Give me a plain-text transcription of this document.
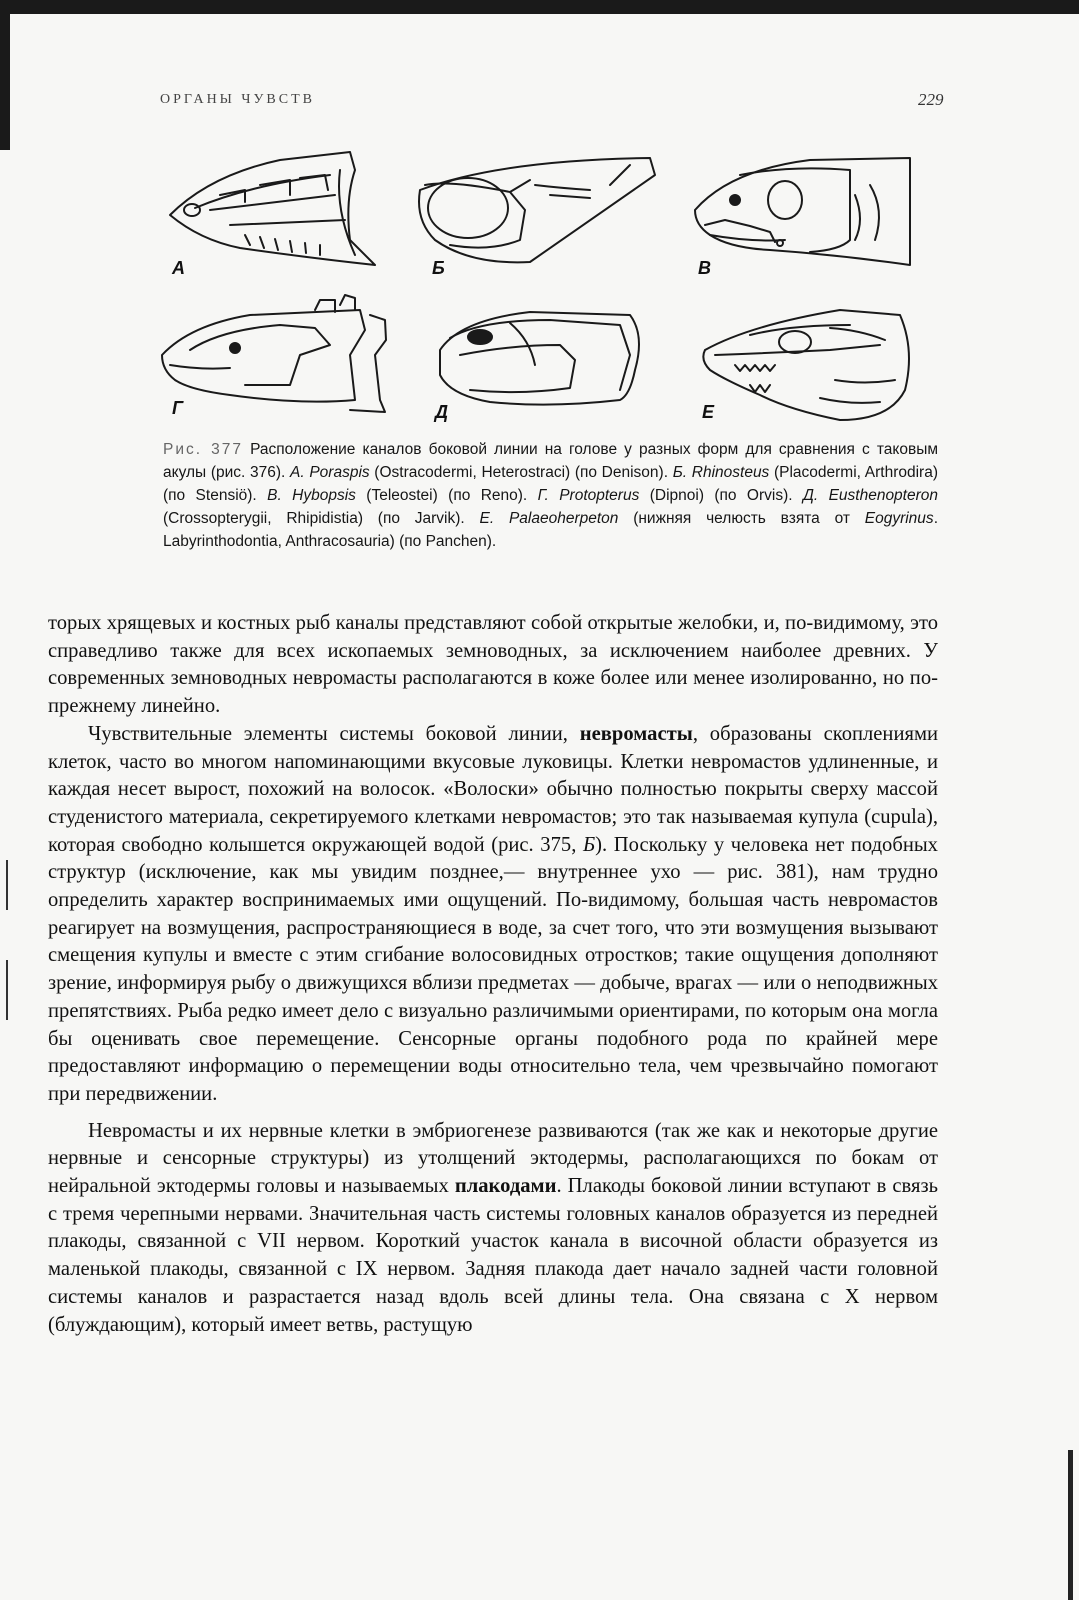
ОРГАНЫ ЧУВСТВ	229
А	Б	В
Г	Д	Е
Рис. 377 Расположение каналов боковой линии на голове у разных форм для сравнения с таковым акулы (рис. 376). А. Poraspis (Ostracodermi, Heterostraci) (по Denison). Б. Rhinosteus (Placodermi, Arthrodira) (по Stensiö). В. Hybopsis (Teleostei) (по Reno). Г. Protopterus (Dipnoi) (по Orvis). Д. Eusthenopteron (Crossopterygii, Rhipidistia) (по Jarvik). Е. Palaeoherpeton (нижняя челюсть взята от Eogyrinus. Labyrinthodontia, Anthracosauria) (по Panchen).

торых хрящевых и костных рыб каналы представляют собой открытые желобки, и, по-видимому, это справедливо также для всех ископаемых земноводных, за исключением наиболее древних. У современных земноводных невромасты располагаются в коже более или менее изолированно, но по-прежнему линейно.

Чувствительные элементы системы боковой линии, невромасты, образованы скоплениями клеток, часто во многом напоминающими вкусовые луковицы. Клетки невромастов удлиненные, и каждая несет вырост, похожий на волосок. «Волоски» обычно полностью покрыты сверху массой студенистого материала, секретируемого клетками невромастов; это так называемая купула (cupula), которая свободно колышется окружающей водой (рис. 375, Б). Поскольку у человека нет подобных структур (исключение, как мы увидим позднее,— внутреннее ухо — рис. 381), нам трудно определить характер воспринимаемых ими ощущений. По-видимому, большая часть невромастов реагирует на возмущения, распространяющиеся в воде, за счет того, что эти возмущения вызывают смещения купулы и вместе с этим сгибание волосовидных отростков; такие ощущения дополняют зрение, информируя рыбу о движущихся вблизи предметах — добыче, врагах — или о неподвижных препятствиях. Рыба редко имеет дело с визуально различимыми ориентирами, по которым она могла бы оценивать свое перемещение. Сенсорные органы подобного рода по крайней мере предоставляют информацию о перемещении воды относительно тела, чем чрезвычайно помогают при передвижении.

Невромасты и их нервные клетки в эмбриогенезе развиваются (так же как и некоторые другие нервные и сенсорные структуры) из утолщений эктодермы, располагающихся по бокам от нейральной эктодермы головы и называемых плакодами. Плакоды боковой линии вступают в связь с тремя черепными нервами. Значительная часть системы головных каналов образуется из передней плакоды, связанной с VII нервом. Короткий участок канала в височной области образуется из маленькой плакоды, связанной с IX нервом. Задняя плакода дает начало задней части головной системы каналов и разрастается назад вдоль всей длины тела. Она связана с X нервом (блуждающим), который имеет ветвь, растущую
